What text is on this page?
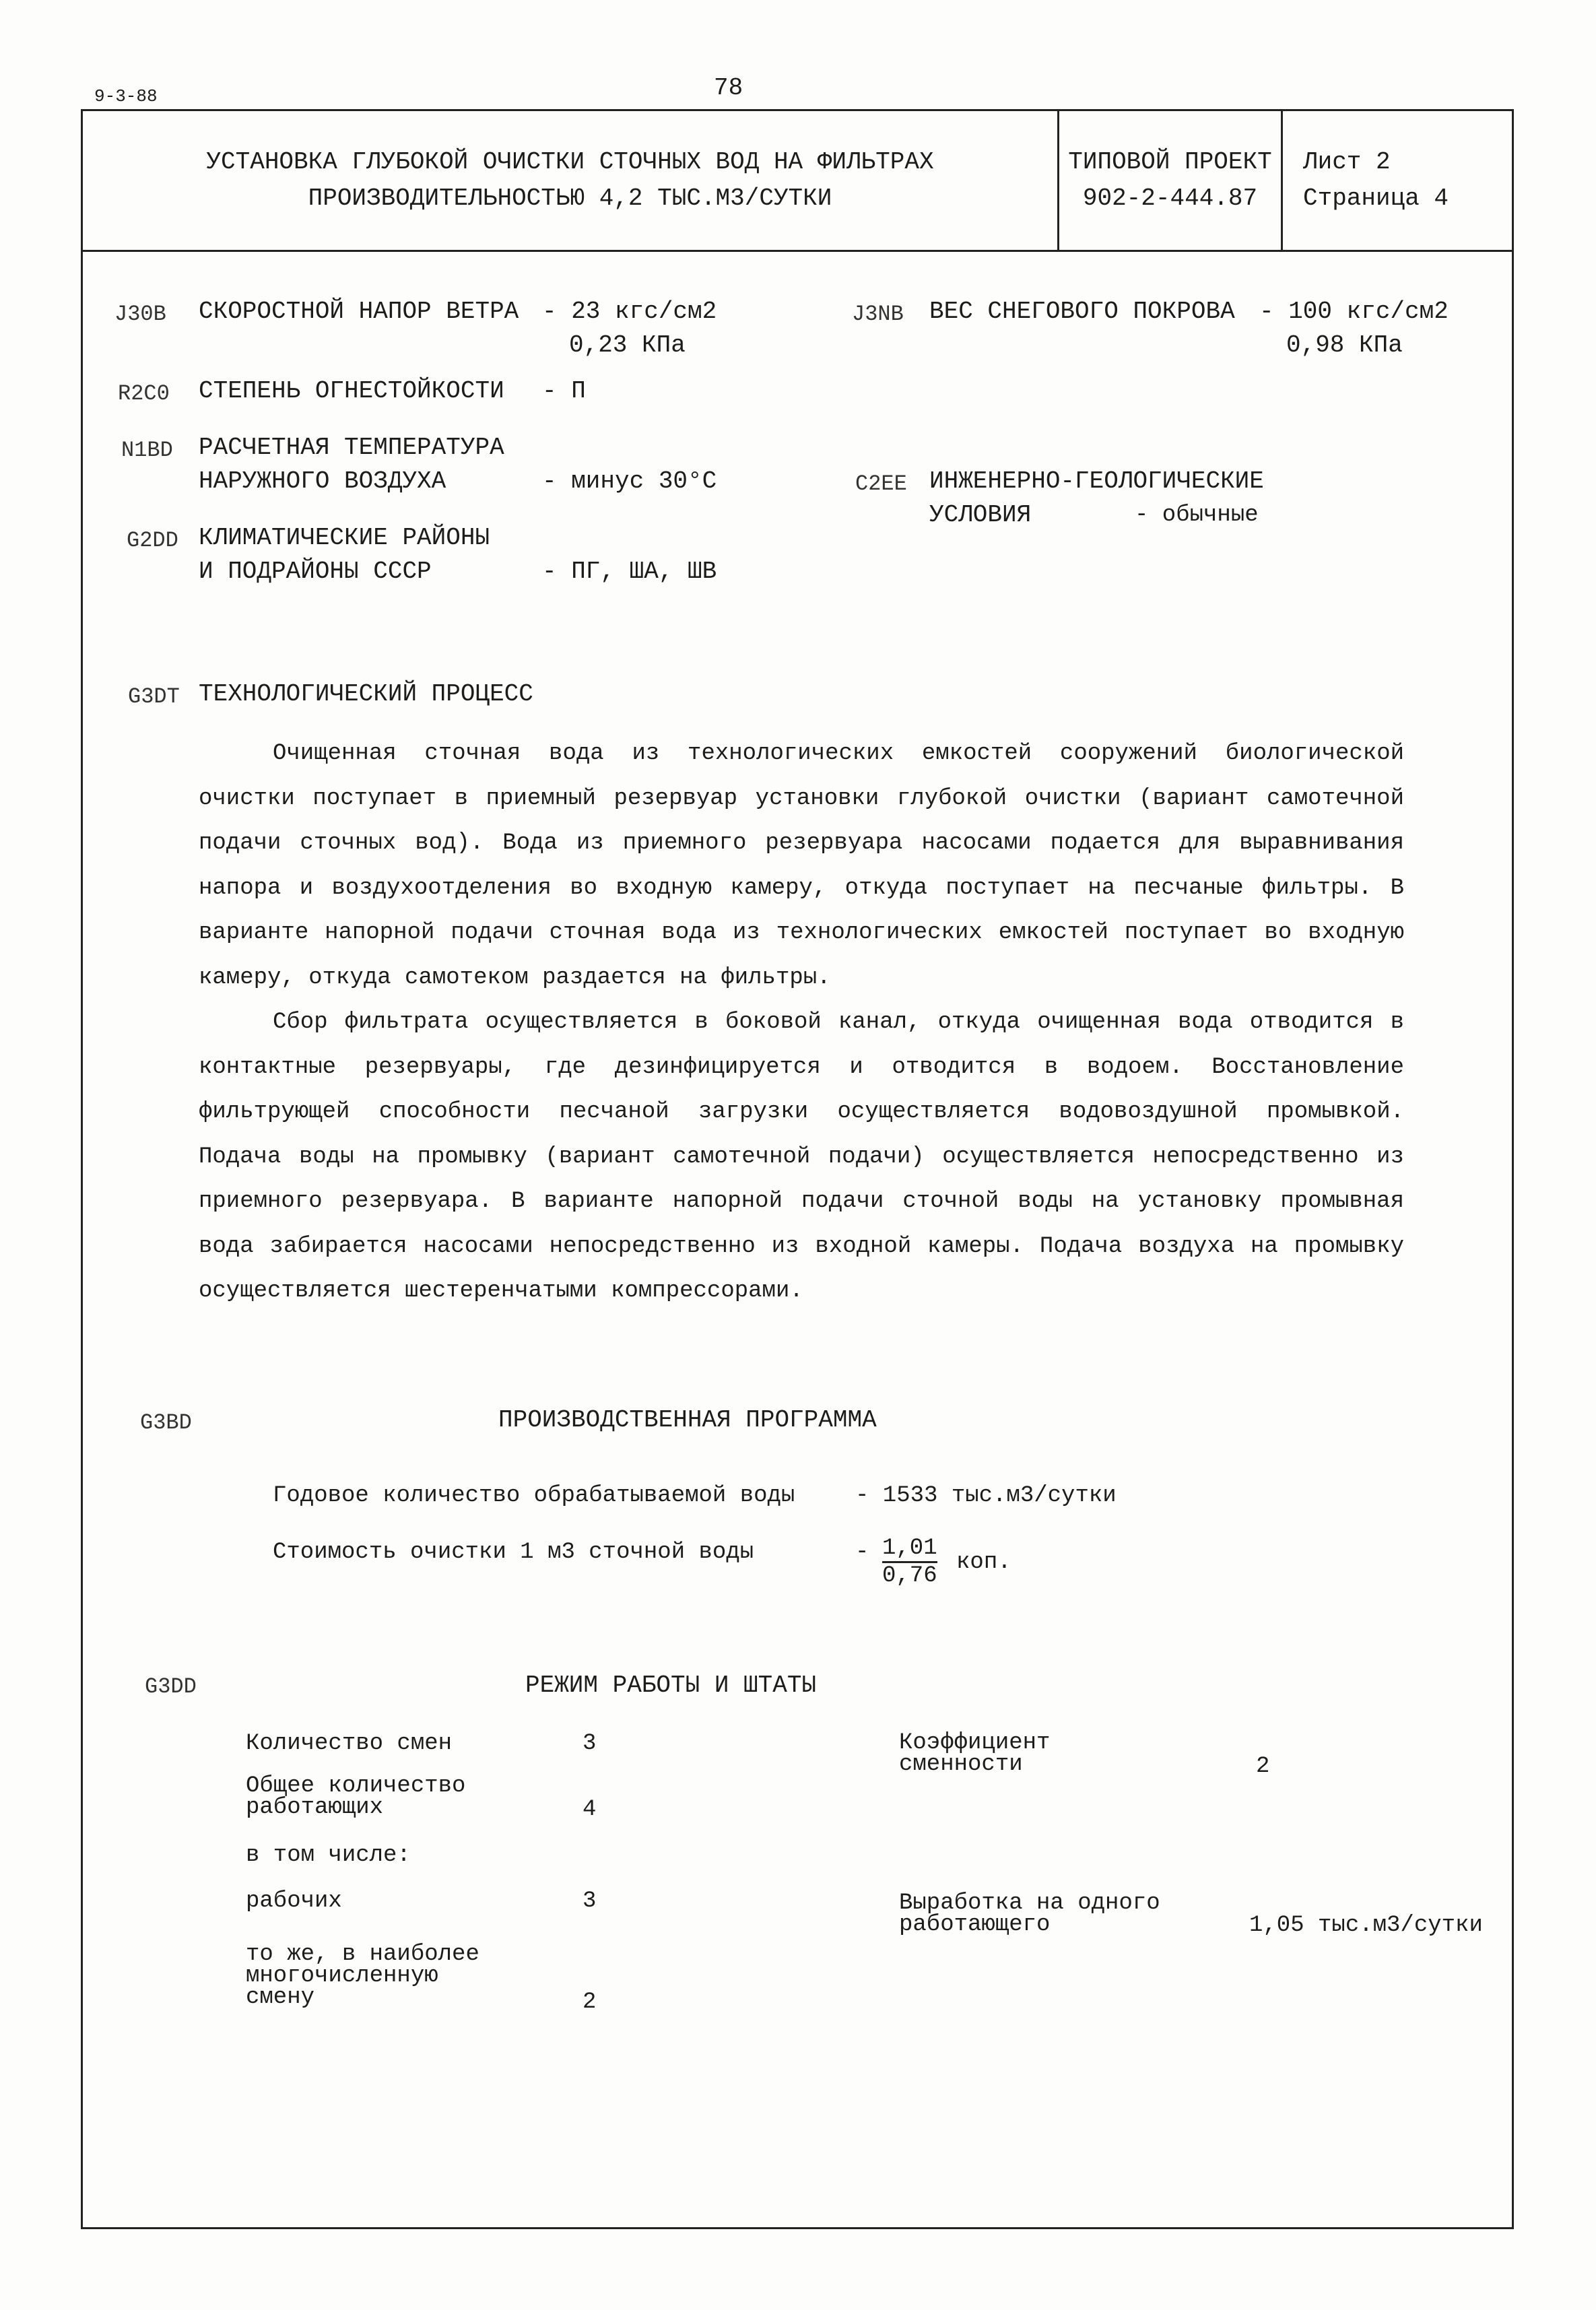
9-3-88	78
УСТАНОВКА ГЛУБОКОЙ ОЧИСТКИ СТОЧНЫХ ВОД НА ФИЛЬТРАХ
ПРОИЗВОДИТЕЛЬНОСТЬЮ 4,2 ТЫС.М3/СУТКИ
ТИПОВОЙ ПРОЕКТ
902-2-444.87
Лист 2
Страница 4
J30B СКОРОСТНОЙ НАПОР ВЕТРА - 23 кгс/см2
0,23 КПа
J3NB ВЕС СНЕГОВОГО ПОКРОВА - 100 кгс/см2
0,98 КПа
R2C0 СТЕПЕНЬ ОГНЕСТОЙКОСТИ - П
N1BD РАСЧЕТНАЯ ТЕМПЕРАТУРА
НАРУЖНОГО ВОЗДУХА	- минус 30°С	C2EE ИНЖЕНЕРНО-ГЕОЛОГИЧЕСКИЕ
УСЛОВИЯ	- обычные
G2DD КЛИМАТИЧЕСКИЕ РАЙОНЫ
И ПОДРАЙОНЫ СССР	- ПГ, ША, ШВ
G3DT ТЕХНОЛОГИЧЕСКИЙ ПРОЦЕСС

Очищенная сточная вода из технологических емкостей сооружений биологической очистки поступает в приемный резервуар установки глубокой очистки (вариант самотечной подачи сточных вод). Вода из приемного резервуара насосами подается для выравнивания напора и воздухоотделения во входную камеру, откуда поступает на песчаные фильтры. В варианте напорной подачи сточная вода из технологических емкостей поступает во входную камеру, откуда самотеком раздается на фильтры.

Сбор фильтрата осуществляется в боковой канал, откуда очищенная вода отводится в контактные резервуары, где дезинфицируется и отводится в водоем. Восстановление фильтрующей способности песчаной загрузки осуществляется водовоздушной промывкой. Подача воды на промывку (вариант самотечной подачи) осуществляется непосредственно из приемного резервуара. В варианте напорной подачи сточной воды на установку промывная вода забирается насосами непосредственно из входной камеры. Подача воздуха на промывку осуществляется шестеренчатыми компрессорами.

G3BD	ПРОИЗВОДСТВЕННАЯ ПРОГРАММА
Годовое количество обрабатываемой воды	- 1533 тыс.м3/сутки
Стоимость очистки 1 м3 сточной воды	- $\frac{1,01}{0,76}$ коп.
G3DD	РЕЖИМ РАБОТЫ И ШТАТЫ
Количество смен	3
Общее количество
работающих	4
в том числе:
рабочих	3
то же, в наиболее
многочисленную
смену	2
Коэффициент
сменности	2
Выработка на одного
работающего	1,05 тыс.м3/сутки
